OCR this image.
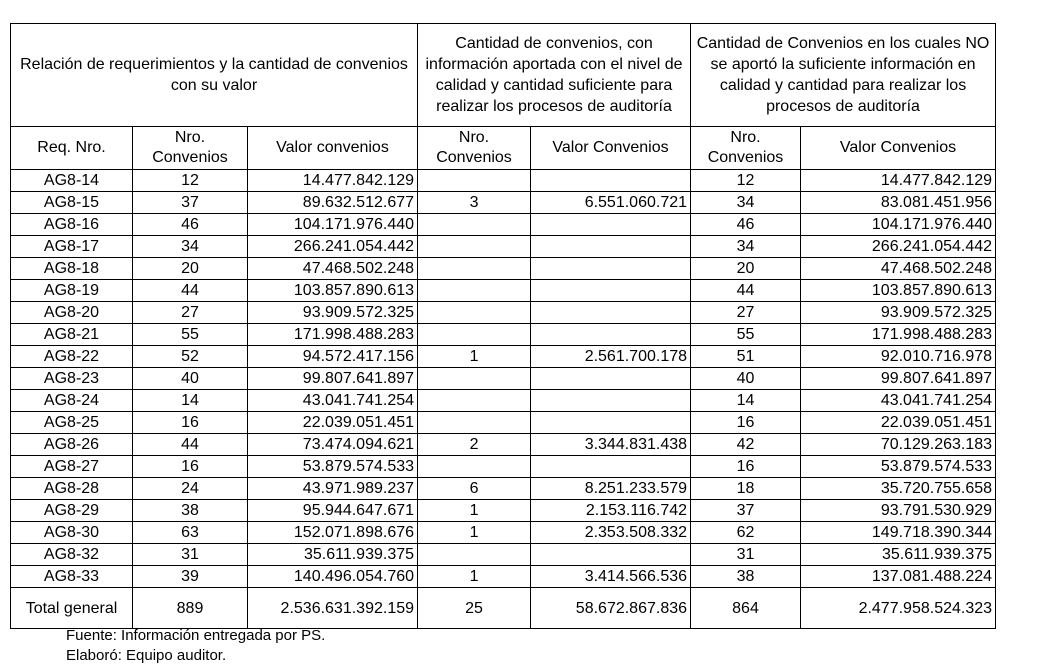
Relación de requerimientos y la cantidad de convenios con su valor			Cantidad de convenios, con información aportada con el nivel de calidad y cantidad suficiente para realizar los procesos de auditoría		Cantidad de Convenios en los cuales NO se aportó la suficiente información en calidad y cantidad para realizar los procesos de auditoría	
Req. Nro.	Nro. Convenios	Valor convenios	Nro. Convenios	Valor Convenios	Nro. Convenios	Valor Convenios
AG8-14	12	14.477.842.129			12	14.477.842.129
AG8-15	37	89.632.512.677	3	6.551.060.721	34	83.081.451.956
AG8-16	46	104.171.976.440			46	104.171.976.440
AG8-17	34	266.241.054.442			34	266.241.054.442
AG8-18	20	47.468.502.248			20	47.468.502.248
AG8-19	44	103.857.890.613			44	103.857.890.613
AG8-20	27	93.909.572.325			27	93.909.572.325
AG8-21	55	171.998.488.283			55	171.998.488.283
AG8-22	52	94.572.417.156	1	2.561.700.178	51	92.010.716.978
AG8-23	40	99.807.641.897			40	99.807.641.897
AG8-24	14	43.041.741.254			14	43.041.741.254
AG8-25	16	22.039.051.451			16	22.039.051.451
AG8-26	44	73.474.094.621	2	3.344.831.438	42	70.129.263.183
AG8-27	16	53.879.574.533			16	53.879.574.533
AG8-28	24	43.971.989.237	6	8.251.233.579	18	35.720.755.658
AG8-29	38	95.944.647.671	1	2.153.116.742	37	93.791.530.929
AG8-30	63	152.071.898.676	1	2.353.508.332	62	149.718.390.344
AG8-32	31	35.611.939.375			31	35.611.939.375
AG8-33	39	140.496.054.760	1	3.414.566.536	38	137.081.488.224
Total general	889	2.536.631.392.159	25	58.672.867.836	864	2.477.958.524.323
Fuente: Información entregada por PS.
Elaboró: Equipo auditor.
